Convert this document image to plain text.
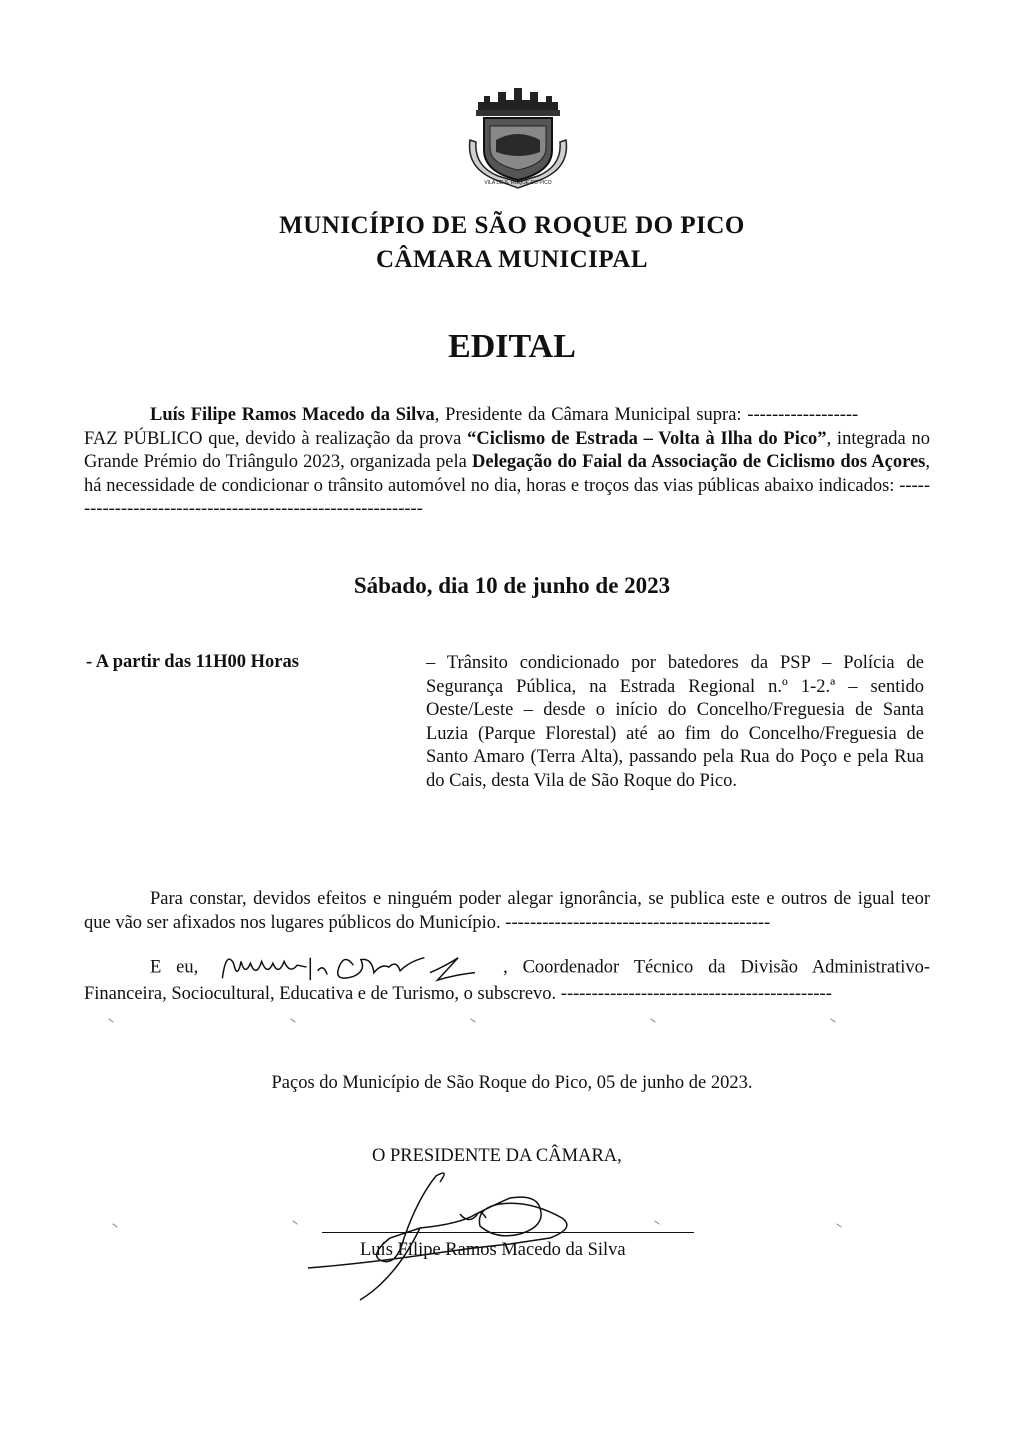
VILA DE S. ROQUE DO PICO
MUNICÍPIO DE SÃO ROQUE DO PICO
CÂMARA MUNICIPAL
EDITAL
Luís Filipe Ramos Macedo da Silva, Presidente da Câmara Municipal supra: ------------------ FAZ PÚBLICO que, devido à realização da prova “Ciclismo de Estrada – Volta à Ilha do Pico”, integrada no Grande Prémio do Triângulo 2023, organizada pela Delegação do Faial da Associação de Ciclismo dos Açores, há necessidade de condicionar o trânsito automóvel no dia, horas e troços das vias públicas abaixo indicados: ------------------------------------------------------------
Sábado, dia 10 de junho de 2023
- A partir das 11H00 Horas	– Trânsito condicionado por batedores da PSP – Polícia de Segurança Pública, na Estrada Regional n.º 1-2.ª – sentido Oeste/Leste – desde o início do Concelho/Freguesia de Santa Luzia (Parque Florestal) até ao fim do Concelho/Freguesia de Santo Amaro (Terra Alta), passando pela Rua do Poço e pela Rua do Cais, desta Vila de São Roque do Pico.
Para constar, devidos efeitos e ninguém poder alegar ignorância, se publica este e outros de igual teor que vão ser afixados nos lugares públicos do Município. -------------------------------------------
E eu,	, Coordenador Técnico da Divisão Administrativo-Financeira, Sociocultural, Educativa e de Turismo, o subscrevo. --------------------------------------------
Paços do Município de São Roque do Pico, 05 de junho de 2023.
O PRESIDENTE DA CÂMARA,
Luís Filipe Ramos Macedo da Silva
